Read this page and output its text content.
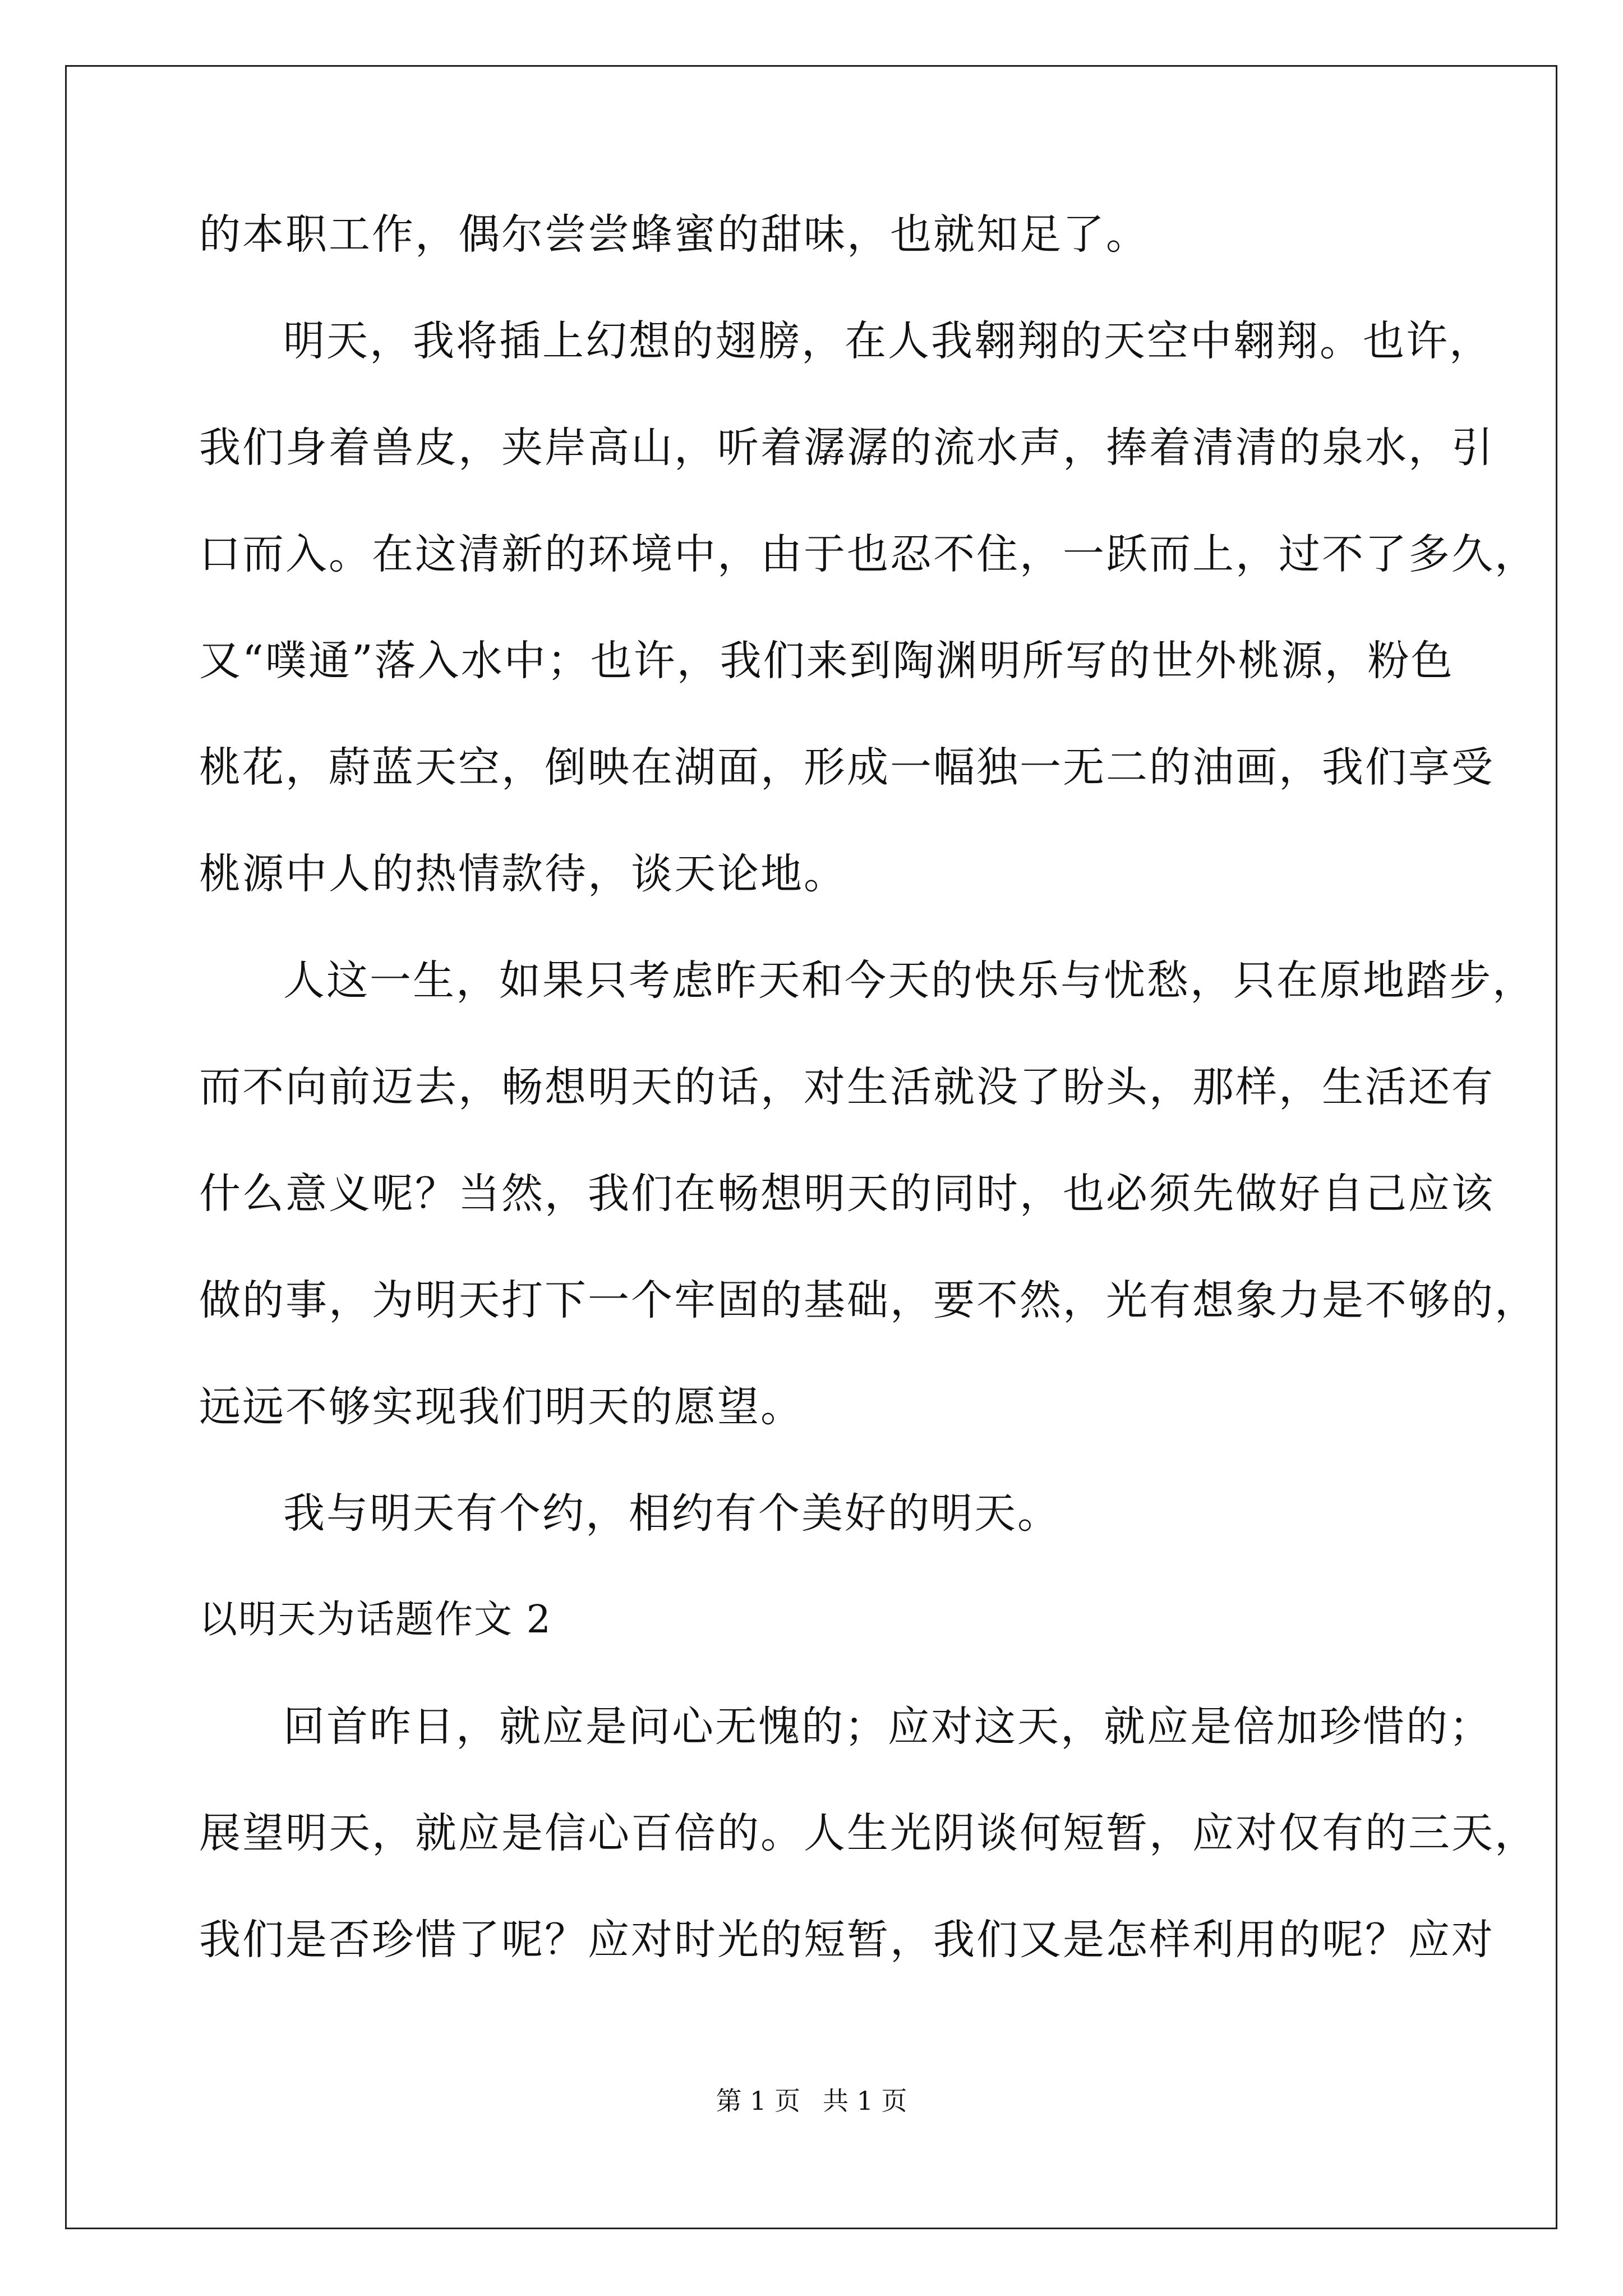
的本职工作，偶尔尝尝蜂蜜的甜味，也就知足了。
明天，我将插上幻想的翅膀，在人我翱翔的天空中翱翔。也许，
我们身着兽皮，夹岸高山，听着潺潺的流水声，捧着清清的泉水，引
口而入。在这清新的环境中，由于也忍不住，一跃而上，过不了多久，
又“噗通”落入水中；也许，我们来到陶渊明所写的世外桃源，粉色
桃花，蔚蓝天空，倒映在湖面，形成一幅独一无二的油画，我们享受
桃源中人的热情款待，谈天论地。
人这一生，如果只考虑昨天和今天的快乐与忧愁，只在原地踏步，
而不向前迈去，畅想明天的话，对生活就没了盼头，那样，生活还有
什么意义呢？当然，我们在畅想明天的同时，也必须先做好自己应该
做的事，为明天打下一个牢固的基础，要不然，光有想象力是不够的，
远远不够实现我们明天的愿望。
我与明天有个约，相约有个美好的明天。
以明天为话题作文 2
回首昨日，就应是问心无愧的；应对这天，就应是倍加珍惜的；
展望明天，就应是信心百倍的。人生光阴谈何短暂，应对仅有的三天，
我们是否珍惜了呢？应对时光的短暂，我们又是怎样利用的呢？应对
第 1 页 共 1 页
